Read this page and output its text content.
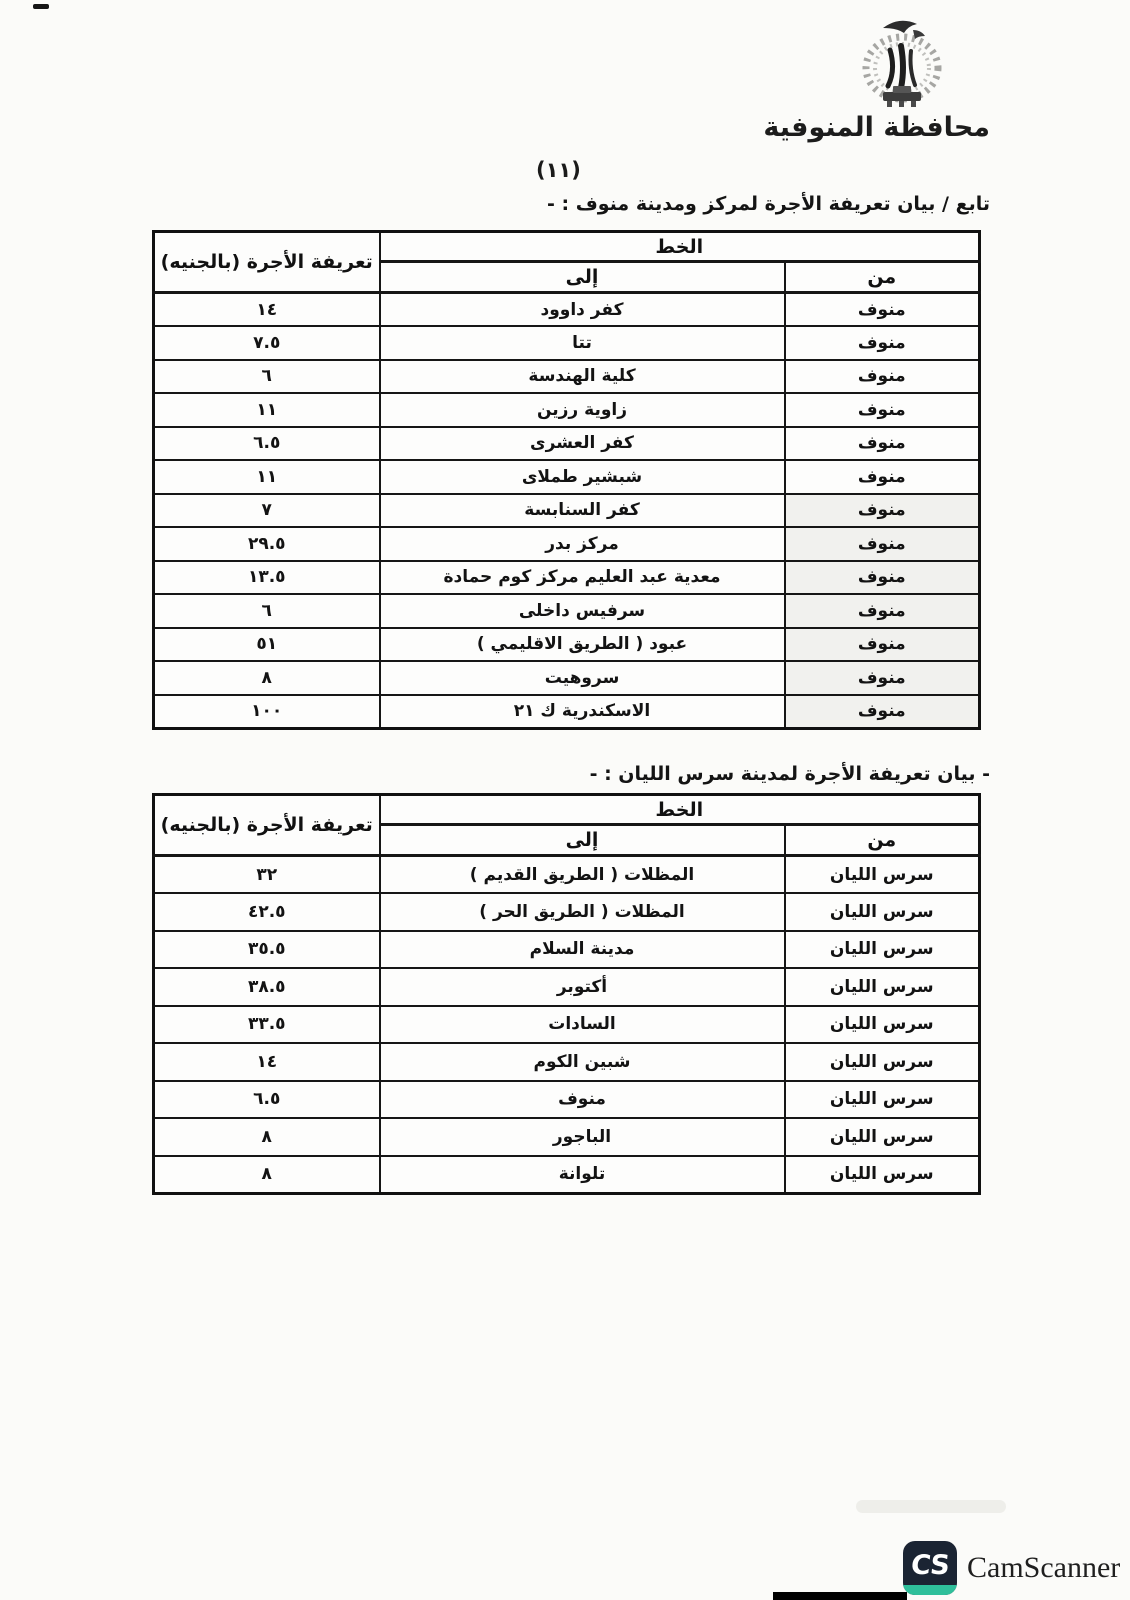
محافظة المنوفية
(١١)
تابع / بيان تعريفة الأجرة لمركز ومدينة منوف : -
الخط		تعريفة الأجرة (بالجنيه)
من	إلى	
منوف	كفر داوود	١٤
منوف	تتا	٧.٥
منوف	كلية الهندسة	٦
منوف	زاوية رزين	١١
منوف	كفر العشرى	٦.٥
منوف	شبشير طملاى	١١
منوف	كفر السنابسة	٧
منوف	مركز بدر	٢٩.٥
منوف	معدية عبد العليم مركز كوم حمادة	١٣.٥
منوف	سرفيس داخلى	٦
منوف	عبود ( الطريق الاقليمي )	٥١
منوف	سروهيت	٨
منوف	الاسكندرية ك ٢١	١٠٠
- بيان تعريفة الأجرة لمدينة سرس الليان : -
الخط		تعريفة الأجرة (بالجنيه)
من	إلى	
سرس الليان	المظلات ( الطريق القديم )	٣٢
سرس الليان	المظلات ( الطريق الحر )	٤٢.٥
سرس الليان	مدينة السلام	٣٥.٥
سرس الليان	أكتوبر	٣٨.٥
سرس الليان	السادات	٣٣.٥
سرس الليان	شبين الكوم	١٤
سرس الليان	منوف	٦.٥
سرس الليان	الباجور	٨
سرس الليان	تلوانة	٨
CS CamScanner
